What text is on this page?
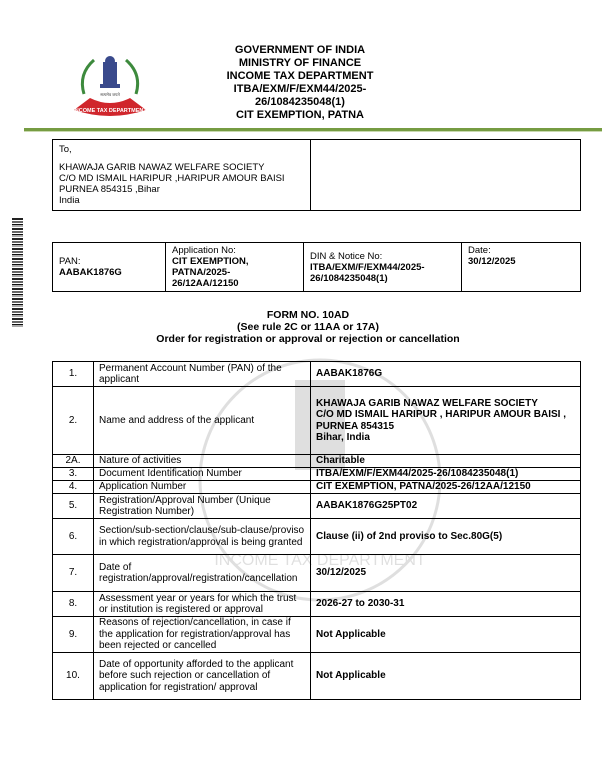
सत्यमेव जयते
INCOME TAX DEPARTMENT
GOVERNMENT OF INDIA
MINISTRY OF FINANCE
INCOME TAX DEPARTMENT
ITBA/EXM/F/EXM44/2025-
26/1084235048(1)
CIT EXEMPTION, PATNA
To,
KHAWAJA GARIB NAWAZ WELFARE SOCIETY
C/O MD ISMAIL HARIPUR ,HARIPUR AMOUR BAISI
PURNEA 854315 ,Bihar
India

PAN:
AABAK1876G

Application No:
CIT EXEMPTION,
PATNA/2025-
26/12AA/12150

DIN & Notice No:
ITBA/EXM/F/EXM44/2025-
26/1084235048(1)

Date:
30/12/2025
FORM NO. 10AD
(See rule 2C or 11AA or 17A)
Order for registration or approval or rejection or cancellation
INCOME TAX DEPARTMENT
1.	Permanent Account Number (PAN) of the applicant	AABAK1876G
2.	Name and address of the applicant	KHAWAJA GARIB NAWAZ WELFARE SOCIETY
C/O MD ISMAIL HARIPUR , HARIPUR AMOUR BAISI , PURNEA 854315
Bihar, India
2A.	Nature of activities	Charitable
3.	Document Identification Number	ITBA/EXM/F/EXM44/2025-26/1084235048(1)
4.	Application Number	CIT EXEMPTION, PATNA/2025-26/12AA/12150
5.	Registration/Approval Number (Unique Registration Number)	AABAK1876G25PT02
6.	Section/sub-section/clause/sub-clause/proviso in which registration/approval is being granted	Clause (ii) of 2nd proviso to Sec.80G(5)
7.	Date of registration/approval/registration/cancellation	30/12/2025
8.	Assessment year or years for which the trust or institution is registered or approval	2026-27 to 2030-31
9.	Reasons of rejection/cancellation, in case if the application for registration/approval has been rejected or cancelled	Not Applicable
10.	Date of opportunity afforded to the applicant before such rejection or cancellation of application for registration/ approval	Not Applicable
